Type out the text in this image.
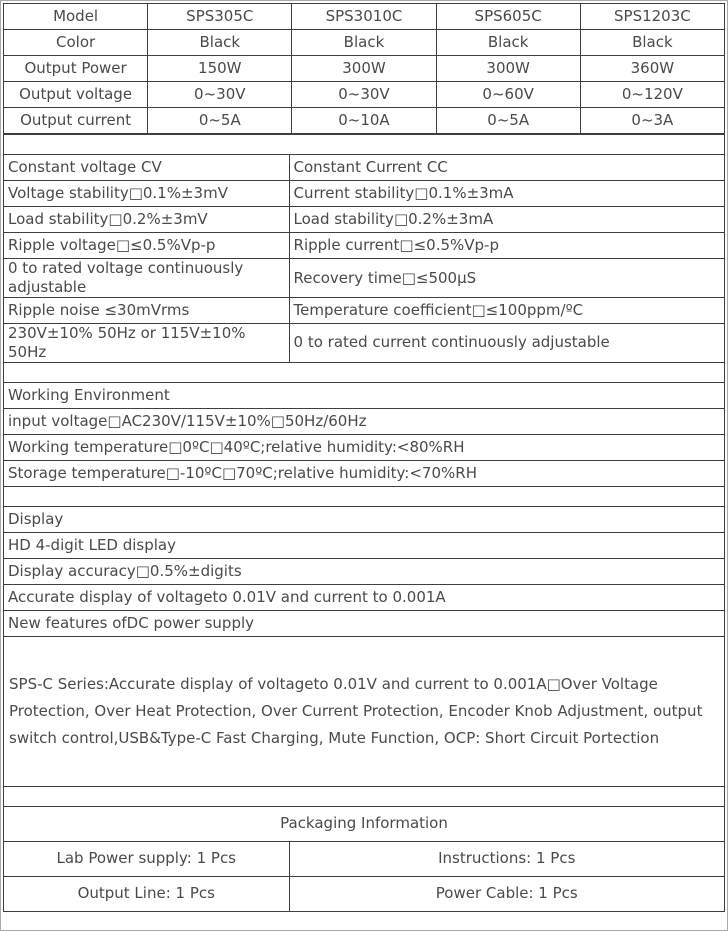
Model	SPS305C	SPS3010C	SPS605C	SPS1203C
Color	Black	Black	Black	Black
Output Power	150W	300W	300W	360W
Output voltage	0~30V	0~30V	0~60V	0~120V
Output current	0~5A	0~10A	0~5A	0~3A

Constant voltage CV	Constant Current CC
Voltage stability□0.1%±3mV	Current stability□0.1%±3mA
Load stability□0.2%±3mV	Load stability□0.2%±3mA
Ripple voltage□≤0.5%Vp-p	Ripple current□≤0.5%Vp-p
0 to rated voltage continuously adjustable	Recovery time□≤500μS
Ripple noise ≤30mVrms	Temperature coefficient□≤100ppm/ºC
230V±10% 50Hz or 115V±10% 50Hz	0 to rated current continuously adjustable

Working Environment	
input voltage□AC230V/115V±10%□50Hz/60Hz	
Working temperature□0ºC□40ºC;relative humidity:<80%RH	
Storage temperature□-10ºC□70ºC;relative humidity:<70%RH	

Display	
HD 4-digit LED display	
Display accuracy□0.5%±digits	
Accurate display of voltageto 0.01V and current to 0.001A	
New features ofDC power supply	
SPS-C Series:Accurate display of voltageto 0.01V and current to 0.001A□Over Voltage Protection, Over Heat Protection, Over Current Protection, Encoder Knob Adjustment, output switch control,USB&Type-C Fast Charging, Mute Function, OCP: Short Circuit Portection	

Packaging Information	
Lab Power supply: 1 Pcs	Instructions: 1 Pcs
Output Line: 1 Pcs	Power Cable: 1 Pcs
